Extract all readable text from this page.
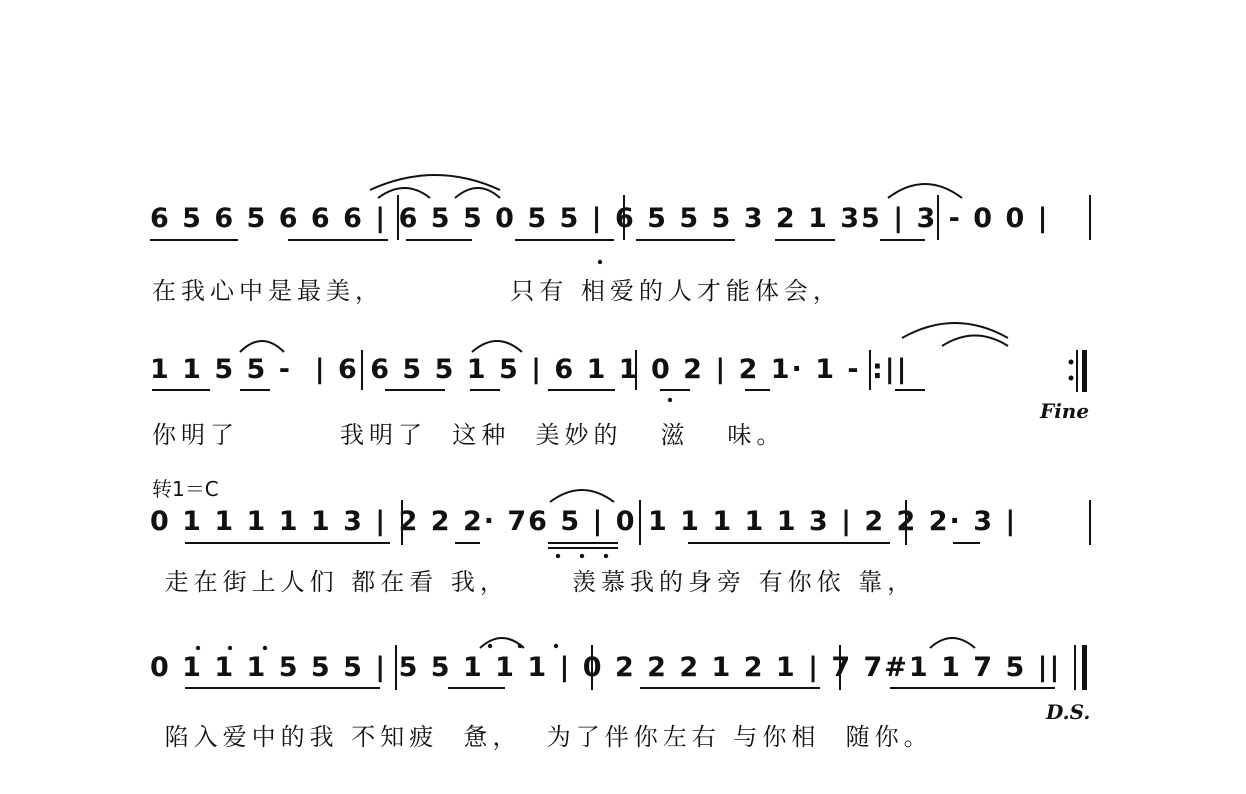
6 5 6 5 6 6 6 | 6 5 5 0 5 5 | 6 5 5 5 3 2 1 35 | 3 - 0 0 |
在我心中是最美，          只有 相爱的人才能体会，
1 1 5 5 -  | 6 6 5 5 1 5 | 6 1 1 0 2 | 2 1· 1 - :||
你明了        我明了  这种  美妙的   滋   味。
Fine
转1＝C
0 1 1 1 1 1 3 | 2 2 2· 76 5 | 0 1 1 1 1 1 3 | 2 2 2· 3 |
走在街上人们 都在看 我，     羡慕我的身旁 有你依 靠，
0 1 1 1 5 5 5 | 5 5 1 1 1 | 0 2 2 2 1 2 1 | 7 7#1 1 7 5 ||
D.S.
陷入爱中的我 不知疲  惫，  为了伴你左右 与你相  随你。
